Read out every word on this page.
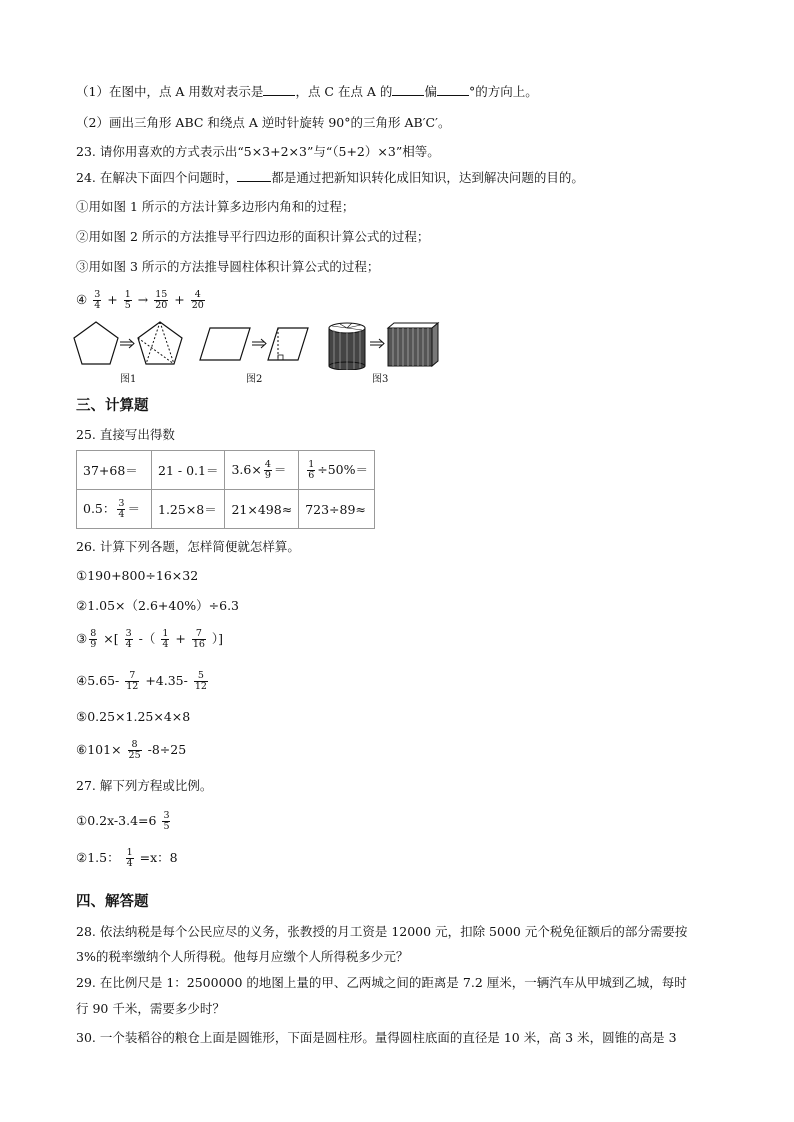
（1）在图中，点 A 用数对表示是	，点 C 在点 A 的	偏	°的方向上。
（2）画出三角形 ABC 和绕点 A 逆时针旋转 90°的三角形 AB′C′。
23. 请你用喜欢的方式表示出“5×3+2×3”与“（5+2）×3”相等。
24. 在解决下面四个问题时，	都是通过把新知识转化成旧知识，达到解决问题的目的。
①用如图 1 所示的方法计算多边形内角和的过程；
②用如图 2 所示的方法推导平行四边形的面积计算公式的过程；
③用如图 3 所示的方法推导圆柱体积计算公式的过程；
④ $\frac{3}{4} + \frac{1}{5} \to \frac{15}{20} + \frac{4}{20}$
图1	图2	图3
三、计算题
25. 直接写出得数
37+68＝	21 - 0.1＝	$3.6\times \frac{4}{9}$ ＝	$\frac{1}{6} \div 50\%=$
0.5： $\frac{3}{4}$ ＝	1.25×8＝	21×498≈	723÷89≈
26. 计算下列各题，怎样简便就怎样算。
①190+800÷16×32
②1.05×（2.6+40%）÷6.3
③ $\frac{8}{9}$ ×[ $\frac{3}{4}$ -（ $\frac{1}{4} + \frac{7}{16}$ ）]
④5.65- $\frac{7}{12} +4.35- \frac{5}{12}$
⑤0.25×1.25×4×8
⑥101× $\frac{8}{25} -8\div 25$
27. 解下列方程或比例。
①0.2x-3.4=6 $\frac{3}{5}$
②1.5： $\frac{1}{4} =x$：8
四、解答题
28. 依法纳税是每个公民应尽的义务，张教授的月工资是 12000 元，扣除 5000 元个税免征额后的部分需要按
3%的税率缴纳个人所得税。他每月应缴个人所得税多少元？
29. 在比例尺是 1：2500000 的地图上量的甲、乙两城之间的距离是 7.2 厘米，一辆汽车从甲城到乙城，每时
行 90 千米，需要多少时？
30. 一个装稻谷的粮仓上面是圆锥形，下面是圆柱形。量得圆柱底面的直径是 10 米，高 3 米，圆锥的高是 3
